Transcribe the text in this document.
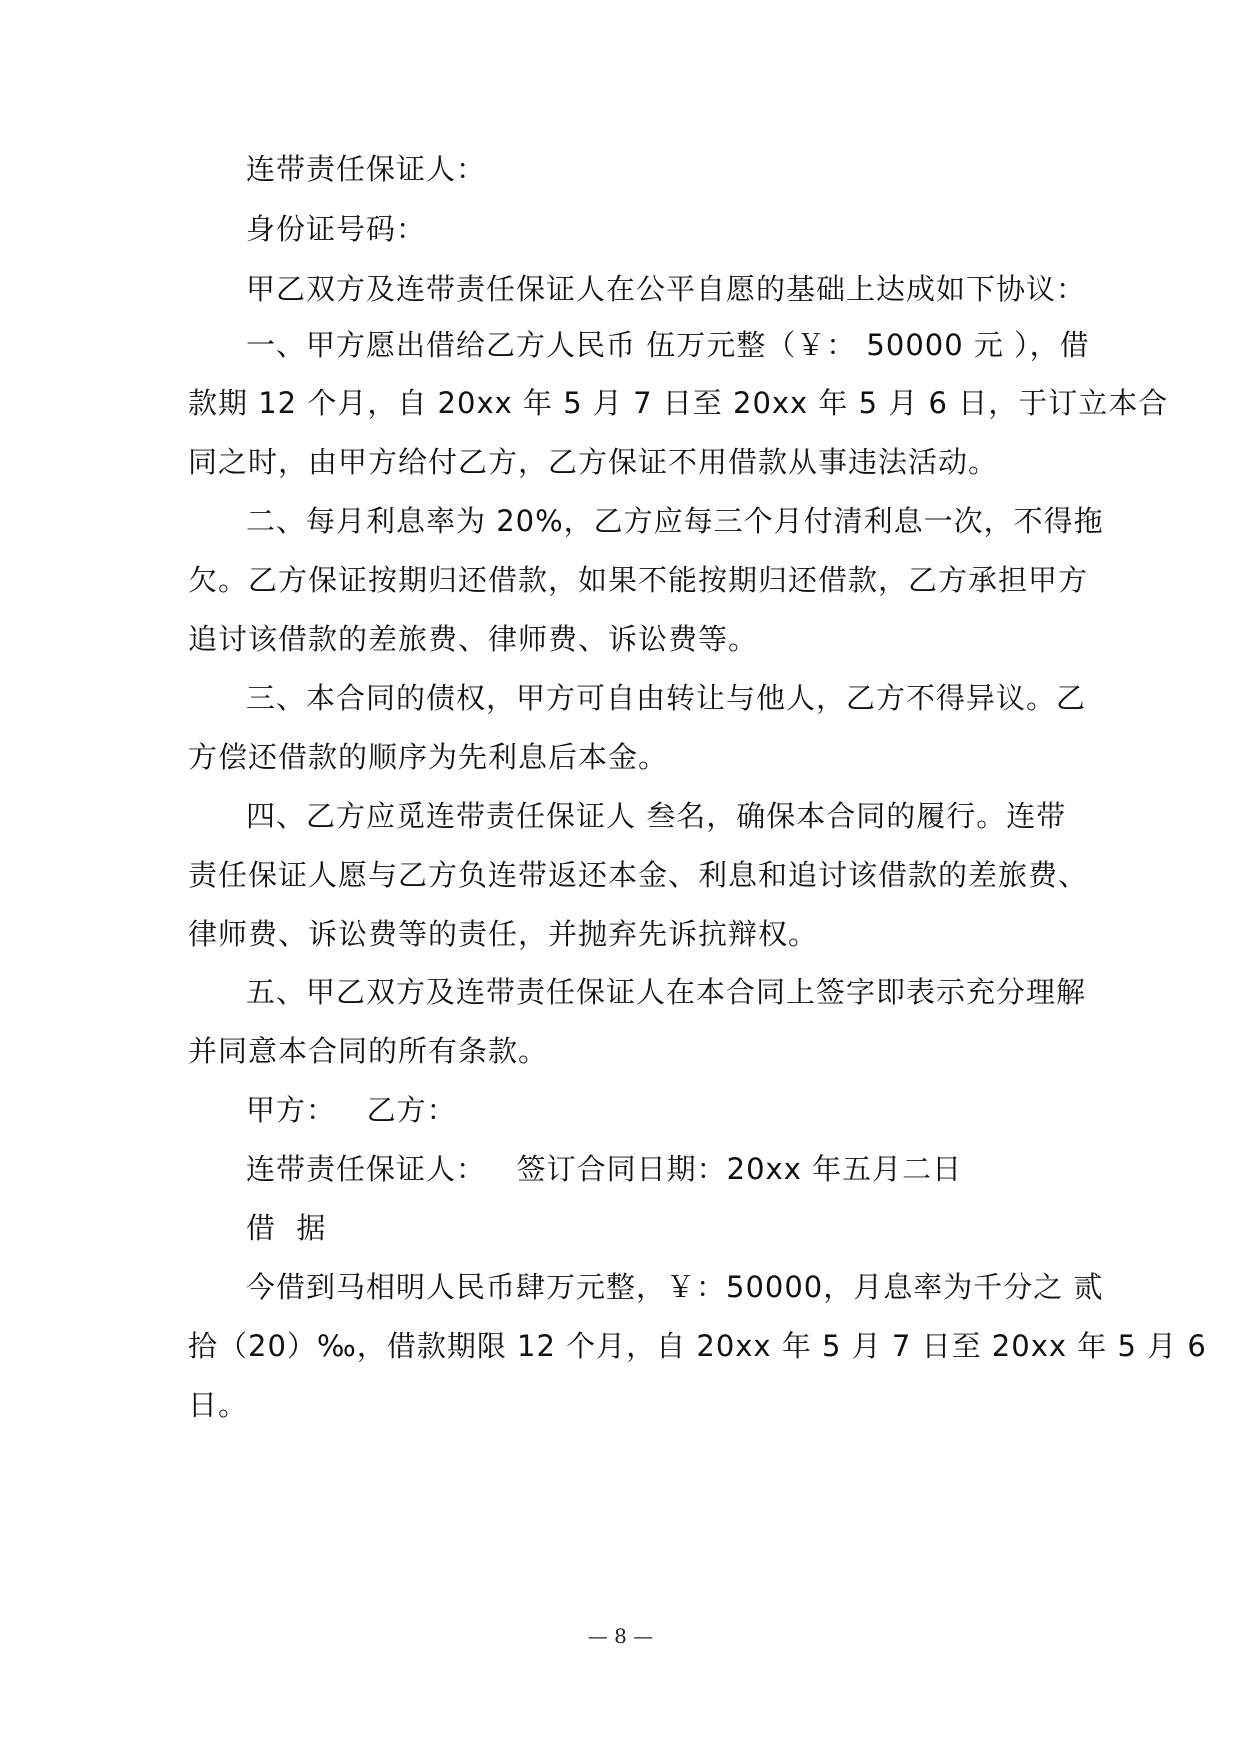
连带责任保证人：
身份证号码：
甲乙双方及连带责任保证人在公平自愿的基础上达成如下协议：
一、甲方愿出借给乙方人民币 伍万元整（￥： 50000 元 ），借
款期 12 个月，自 20xx 年 5 月 7 日至 20xx 年 5 月 6 日，于订立本合
同之时，由甲方给付乙方，乙方保证不用借款从事违法活动。
二、每月利息率为 20%，乙方应每三个月付清利息一次，不得拖
欠。乙方保证按期归还借款，如果不能按期归还借款，乙方承担甲方
追讨该借款的差旅费、律师费、诉讼费等。
三、本合同的债权，甲方可自由转让与他人，乙方不得异议。乙
方偿还借款的顺序为先利息后本金。
四、乙方应觅连带责任保证人 叁名，确保本合同的履行。连带
责任保证人愿与乙方负连带返还本金、利息和追讨该借款的差旅费、
律师费、诉讼费等的责任，并抛弃先诉抗辩权。
五、甲乙双方及连带责任保证人在本合同上签字即表示充分理解
并同意本合同的所有条款。
甲方：   乙方：
连带责任保证人：   签订合同日期：20xx 年五月二日
借  据
今借到马相明人民币肆万元整，￥：50000，月息率为千分之 贰
拾（20）‰，借款期限 12 个月，自 20xx 年 5 月 7 日至 20xx 年 5 月 6
日。
— 8 —
